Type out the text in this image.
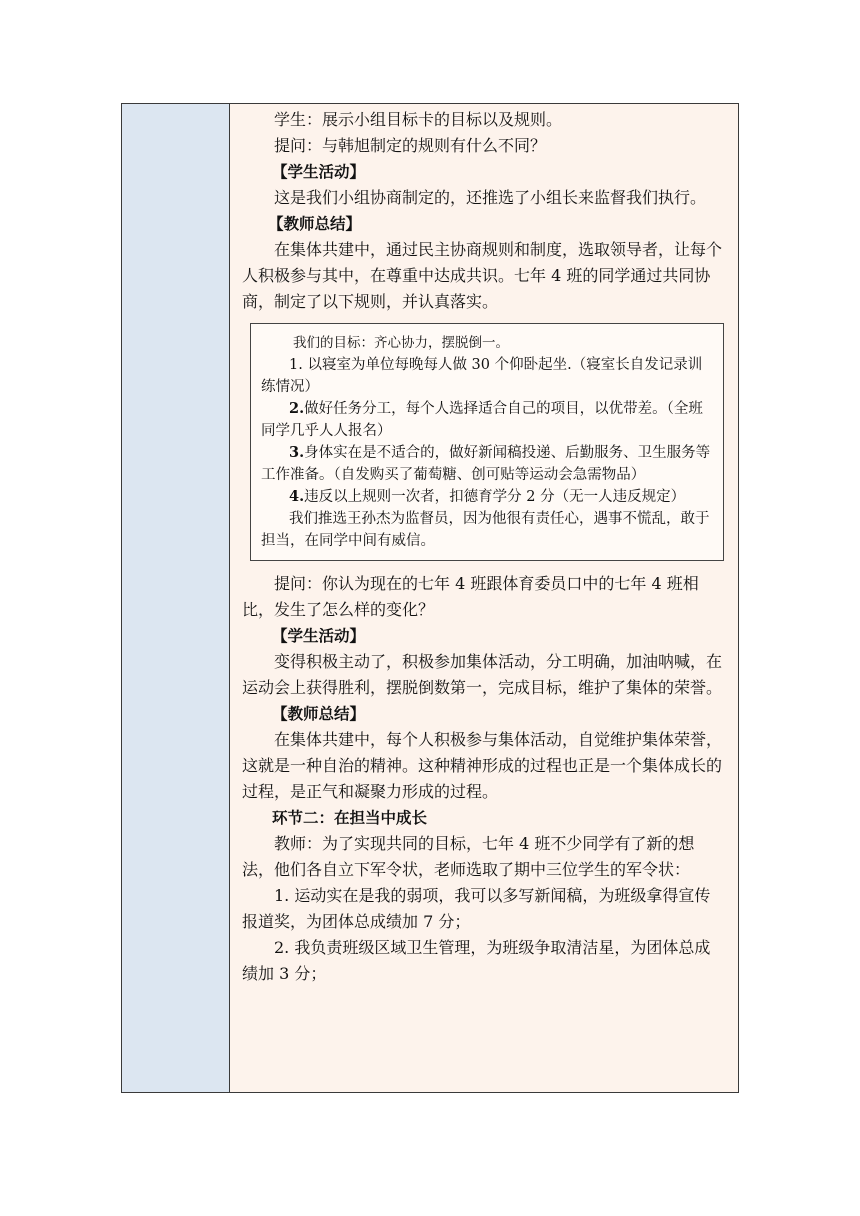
学生：展示小组目标卡的目标以及规则。

提问：与韩旭制定的规则有什么不同？

【学生活动】

这是我们小组协商制定的，还推选了小组长来监督我们执行。

【教师总结】

在集体共建中，通过民主协商规则和制度，选取领导者，让每个人积极参与其中，在尊重中达成共识。七年 4 班的同学通过共同协商，制定了以下规则，并认真落实。

我们的目标：齐心协力，摆脱倒一。

1. 以寝室为单位每晚每人做 30 个仰卧起坐.（寝室长自发记录训练情况）

2.做好任务分工，每个人选择适合自己的项目，以优带差。（全班同学几乎人人报名）

3.身体实在是不适合的，做好新闻稿投递、后勤服务、卫生服务等工作准备。（自发购买了葡萄糖、创可贴等运动会急需物品）

4.违反以上规则一次者，扣德育学分 2 分（无一人违反规定）

我们推选王孙杰为监督员，因为他很有责任心，遇事不慌乱，敢于担当，在同学中间有威信。

提问：你认为现在的七年 4 班跟体育委员口中的七年 4 班相比，发生了怎么样的变化？

【学生活动】

变得积极主动了，积极参加集体活动，分工明确，加油呐喊，在运动会上获得胜利，摆脱倒数第一，完成目标，维护了集体的荣誉。

【教师总结】

在集体共建中，每个人积极参与集体活动，自觉维护集体荣誉，这就是一种自治的精神。这种精神形成的过程也正是一个集体成长的过程，是正气和凝聚力形成的过程。

环节二：在担当中成长

教师：为了实现共同的目标，七年 4 班不少同学有了新的想法，他们各自立下军令状，老师选取了期中三位学生的军令状：

1. 运动实在是我的弱项，我可以多写新闻稿，为班级拿得宣传报道奖，为团体总成绩加 7 分；

2. 我负责班级区域卫生管理，为班级争取清洁星，为团体总成绩加 3 分；
